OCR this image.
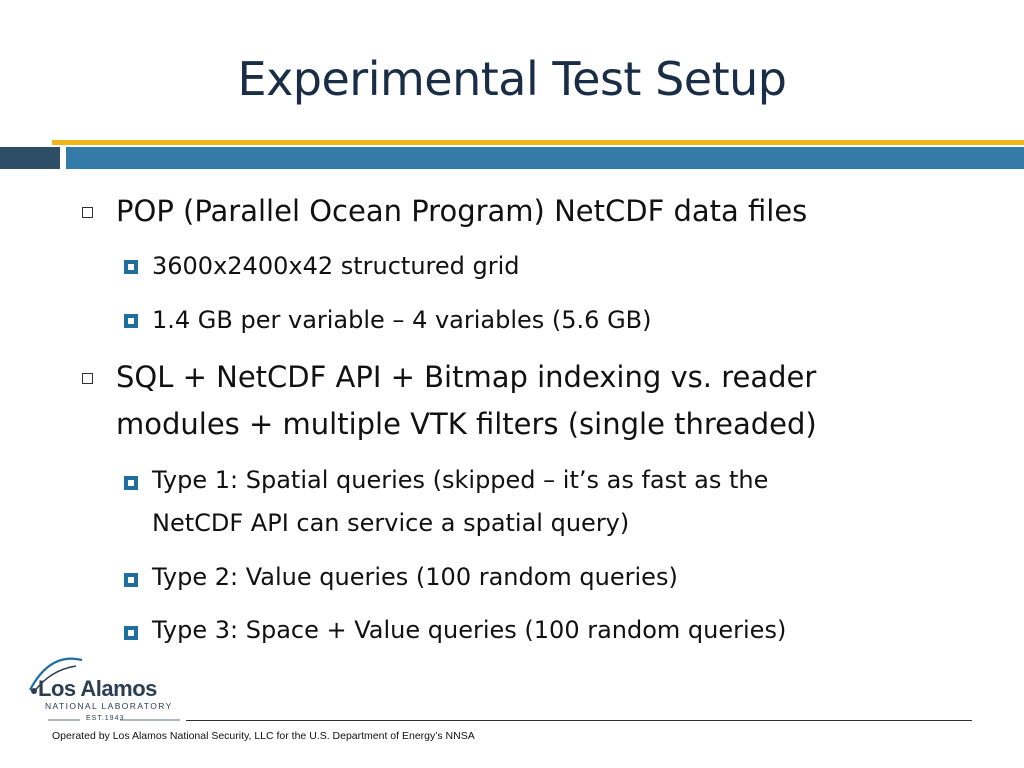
Experimental Test Setup
POP (Parallel Ocean Program) NetCDF data files
3600x2400x42 structured grid
1.4 GB per variable – 4 variables (5.6 GB)
SQL + NetCDF API + Bitmap indexing vs. reader
modules + multiple VTK filters (single threaded)
Type 1: Spatial queries (skipped – it’s as fast as the
NetCDF API can service a spatial query)
Type 2: Value queries (100 random queries)
Type 3: Space + Value queries (100 random queries)
Los Alamos
NATIONAL LABORATORY
EST.1943
Operated by Los Alamos National Security, LLC for the U.S. Department of Energy’s NNSA
